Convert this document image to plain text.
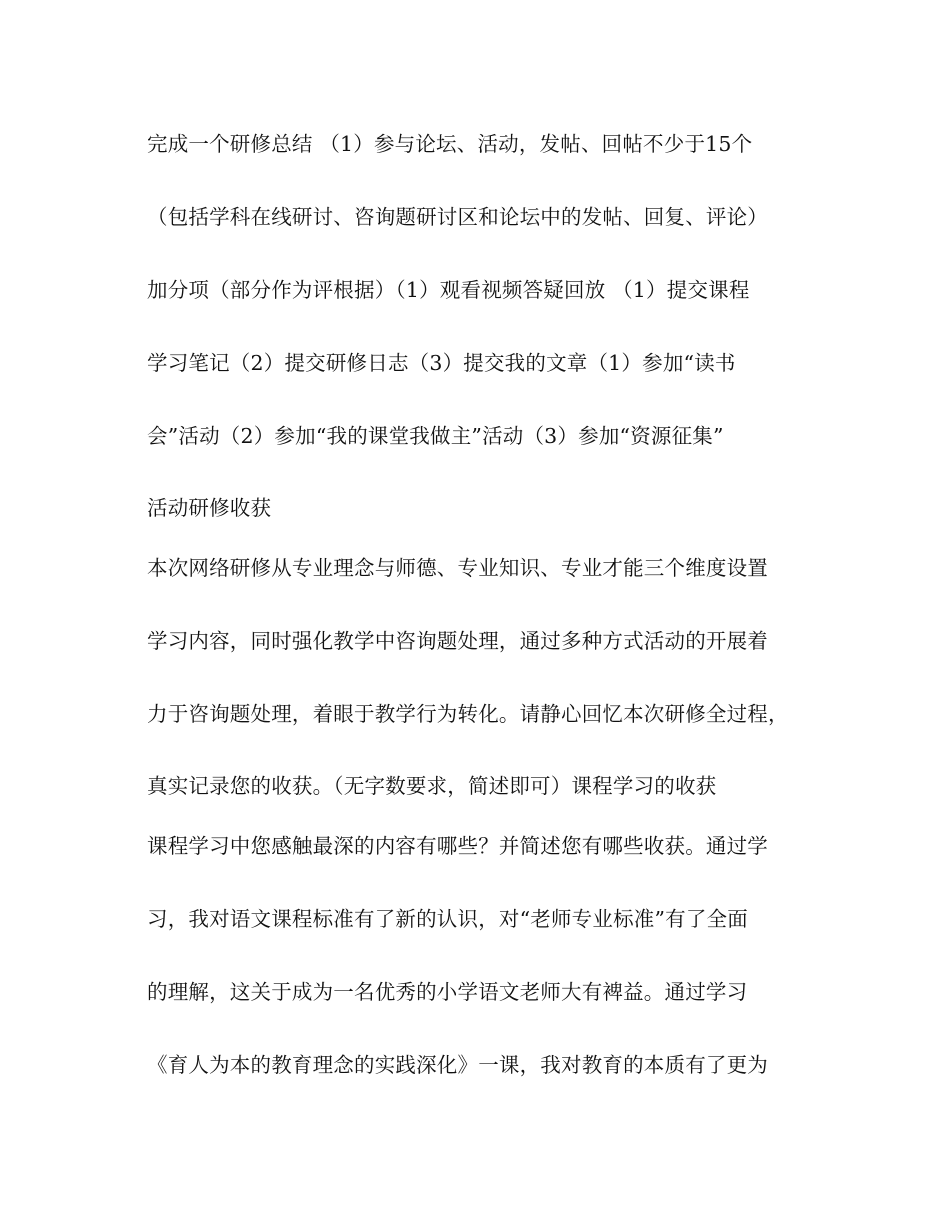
完成一个研修总结 （1）参与论坛、活动，发帖、回帖不少于15个

（包括学科在线研讨、咨询题研讨区和论坛中的发帖、回复、评论）

加分项（部分作为评根据）（1）观看视频答疑回放 （1）提交课程

学习笔记（2）提交研修日志（3）提交我的文章（1）参加“读书

会”活动（2）参加“我的课堂我做主”活动（3）参加“资源征集”

活动研修收获

本次网络研修从专业理念与师德、专业知识、专业才能三个维度设置

学习内容，同时强化教学中咨询题处理，通过多种方式活动的开展着

力于咨询题处理，着眼于教学行为转化。请静心回忆本次研修全过程，

真实记录您的收获。（无字数要求，简述即可）课程学习的收获

课程学习中您感触最深的内容有哪些？并简述您有哪些收获。通过学

习，我对语文课程标准有了新的认识，对“老师专业标准”有了全面

的理解，这关于成为一名优秀的小学语文老师大有裨益。通过学习

《育人为本的教育理念的实践深化》一课，我对教育的本质有了更为
